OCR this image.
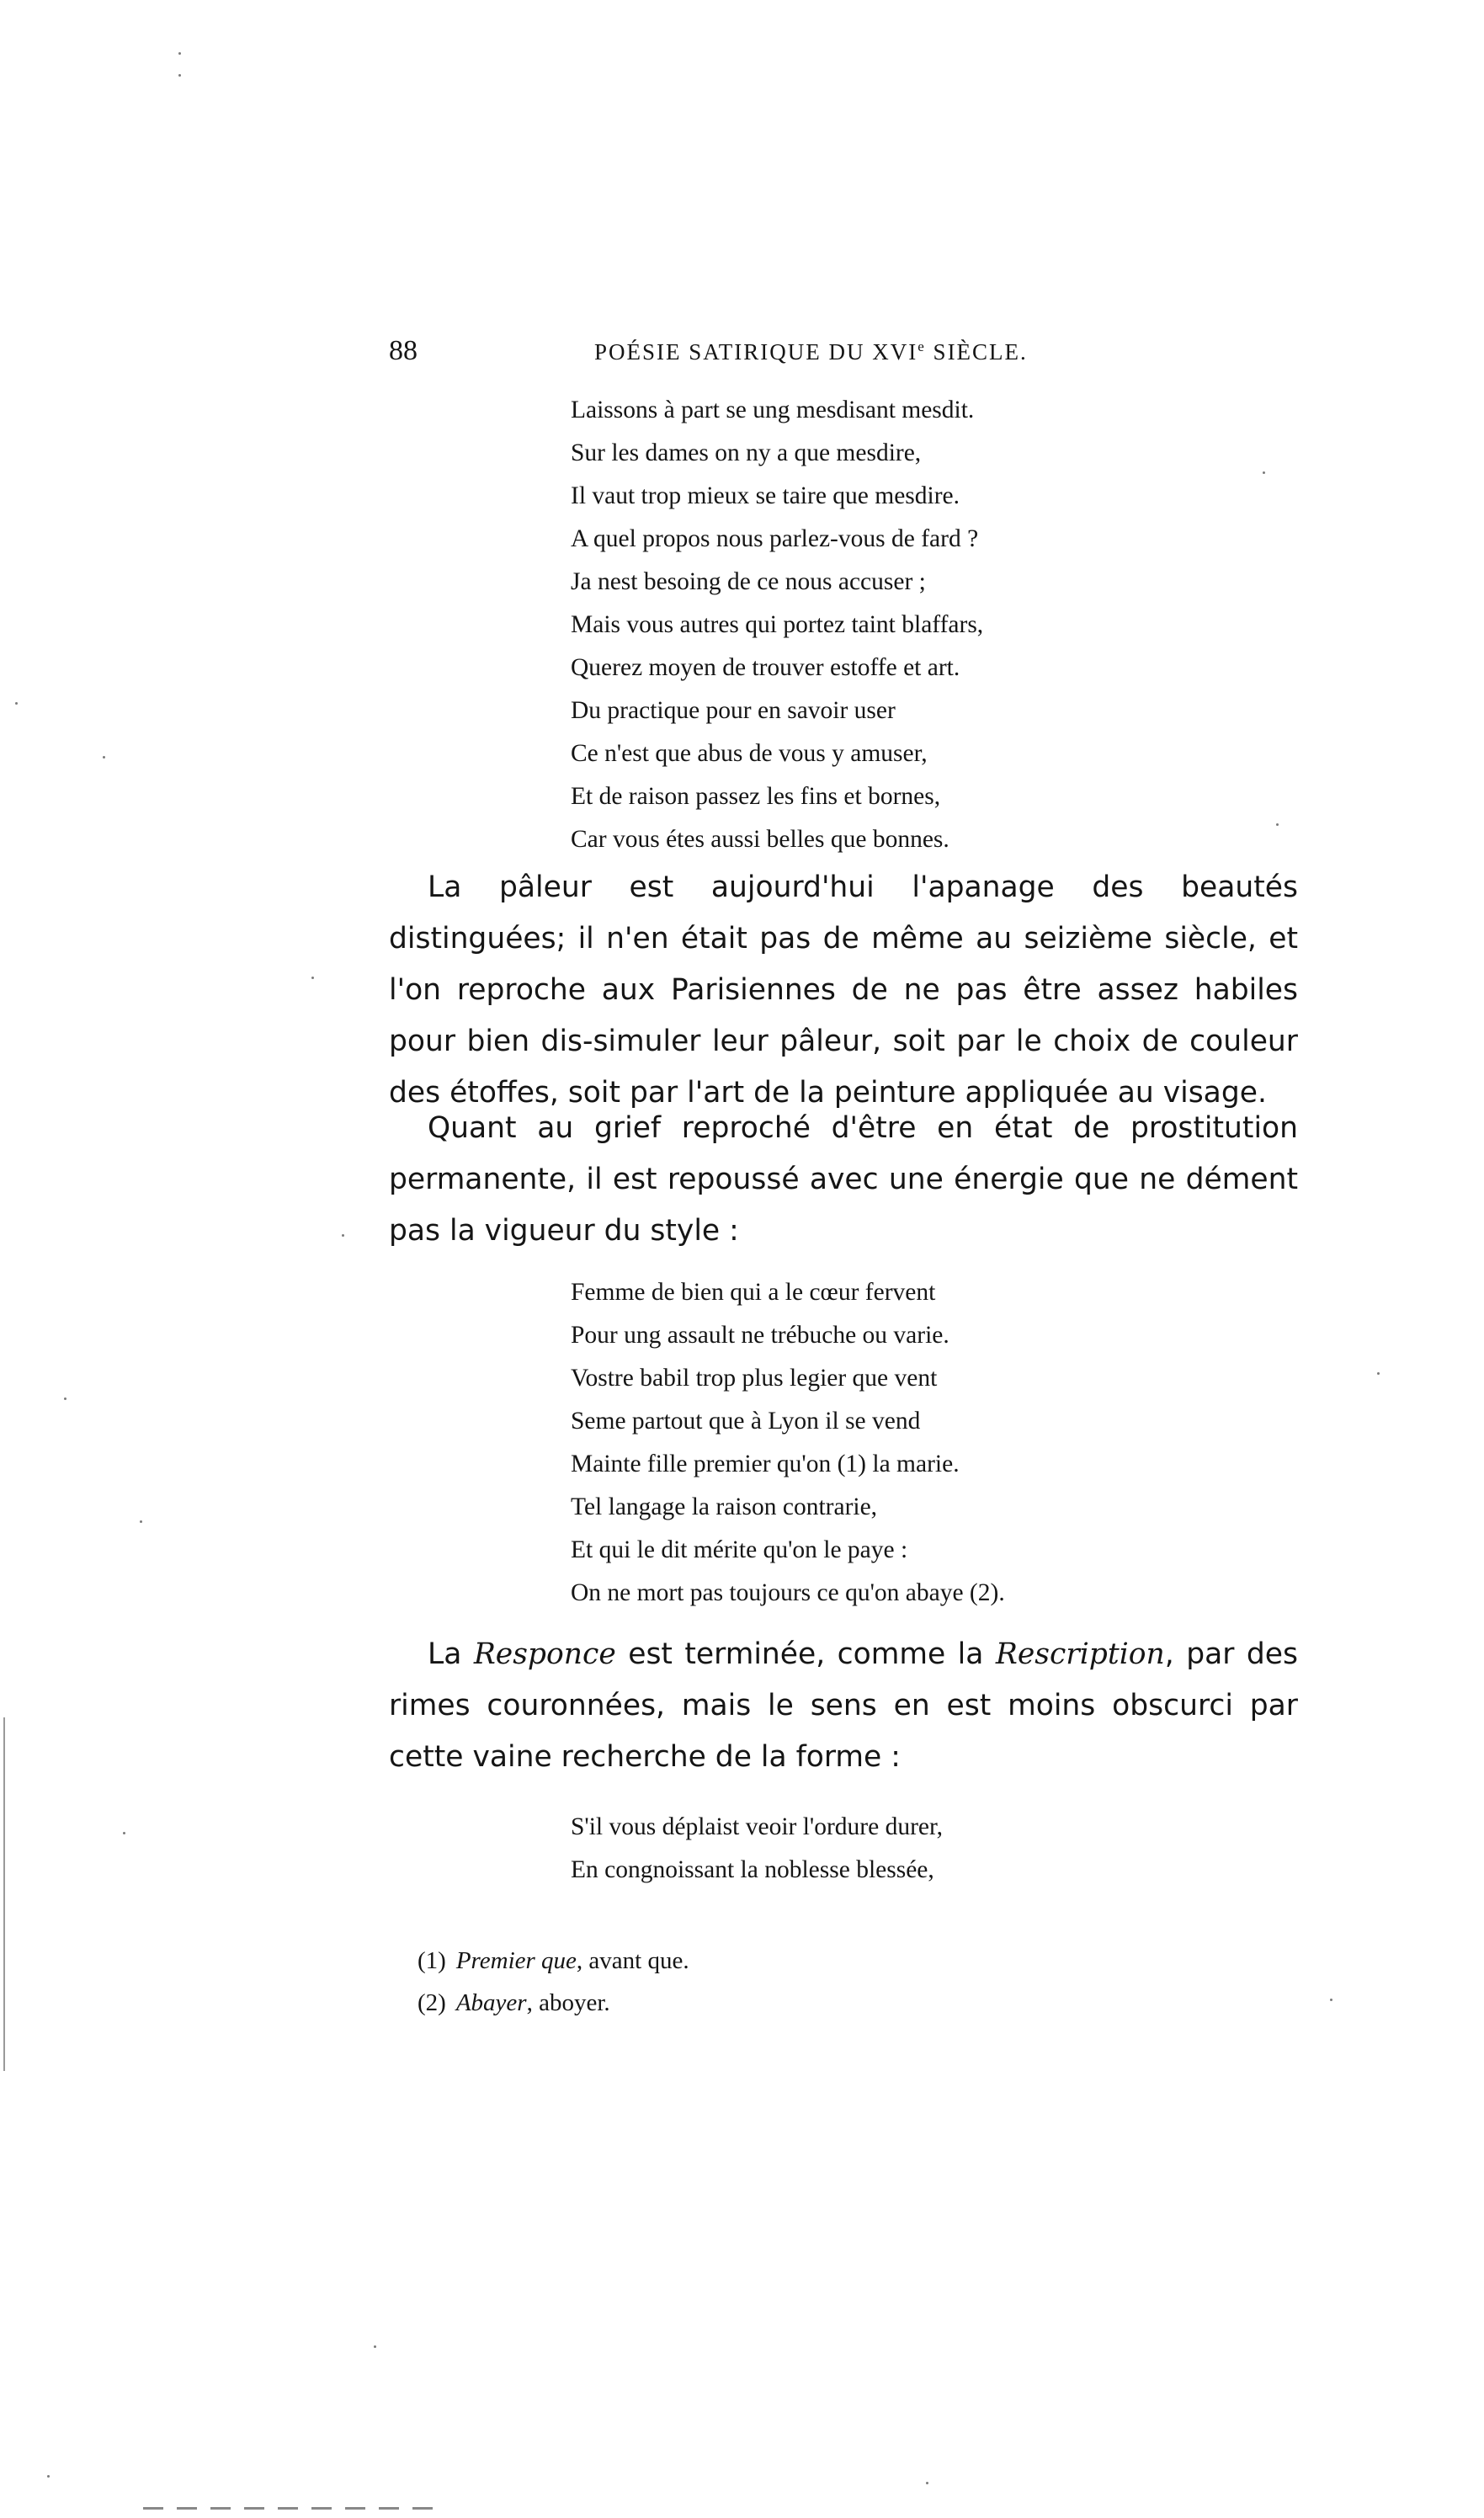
88	POÉSIE SATIRIQUE DU XVIe SIÈCLE.
Laissons à part se ung mesdisant mesdit.
Sur les dames on ny a que mesdire,
Il vaut trop mieux se taire que mesdire.
A quel propos nous parlez-vous de fard ?
Ja nest besoing de ce nous accuser ;
Mais vous autres qui portez taint blaffars,
Querez moyen de trouver estoffe et art.
Du practique pour en savoir user
Ce n'est que abus de vous y amuser,
Et de raison passez les fins et bornes,
Car vous étes aussi belles que bonnes.

La pâleur est aujourd'hui l'apanage des beautés distinguées; il n'en était pas de même au seizième siècle, et l'on reproche aux Parisiennes de ne pas être assez habiles pour bien dis-simuler leur pâleur, soit par le choix de couleur des étoffes, soit par l'art de la peinture appliquée au visage.

Quant au grief reproché d'être en état de prostitution permanente, il est repoussé avec une énergie que ne dément pas la vigueur du style :

Femme de bien qui a le cœur fervent
Pour ung assault ne trébuche ou varie.
Vostre babil trop plus legier que vent
Seme partout que à Lyon il se vend
Mainte fille premier qu'on (1) la marie.
Tel langage la raison contrarie,
Et qui le dit mérite qu'on le paye :
On ne mort pas toujours ce qu'on abaye (2).

La Responce est terminée, comme la Rescription, par des rimes couronnées, mais le sens en est moins obscurci par cette vaine recherche de la forme :

S'il vous déplaist veoir l'ordure durer,
En congnoissant la noblesse blessée,
(1) Premier que, avant que.
(2) Abayer, aboyer.
